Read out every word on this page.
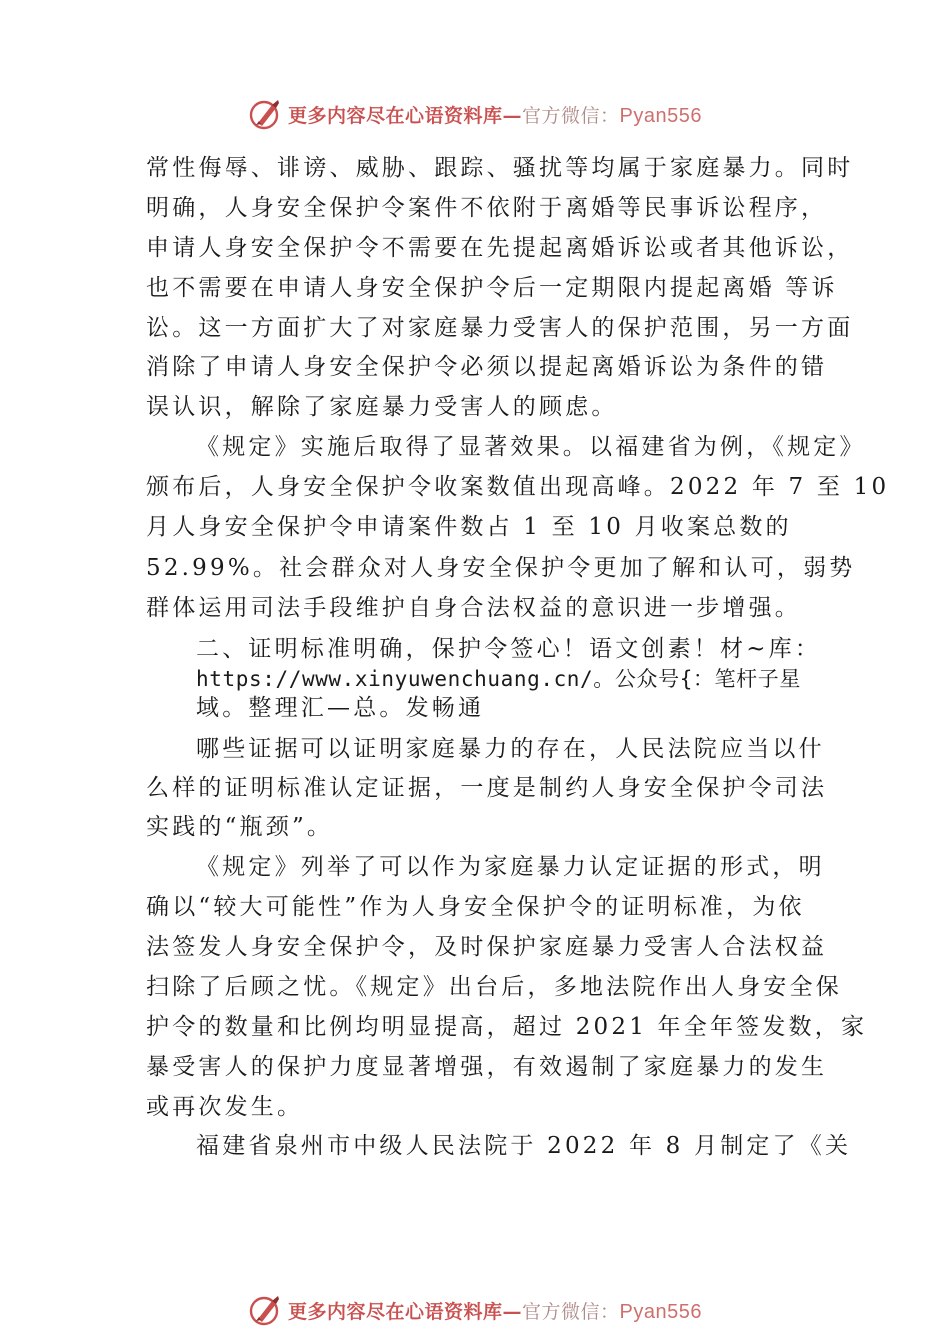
更多内容尽在心语资料库—官方微信：Pyan556
常性侮辱、诽谤、威胁、跟踪、骚扰等均属于家庭暴力。同时
明确，人身安全保护令案件不依附于离婚等民事诉讼程序，
申请人身安全保护令不需要在先提起离婚诉讼或者其他诉讼，
也不需要在申请人身安全保护令后一定期限内提起离婚 等诉
讼。这一方面扩大了对家庭暴力受害人的保护范围，另一方面
消除了申请人身安全保护令必须以提起离婚诉讼为条件的错
误认识，解除了家庭暴力受害人的顾虑。
《规定》实施后取得了显著效果。以福建省为例，《规定》
颁布后，人身安全保护令收案数值出现高峰。2022 年 7 至 10
月人身安全保护令申请案件数占 1 至 10 月收案总数的
52.99%。社会群众对人身安全保护令更加了解和认可，弱势
群体运用司法手段维护自身合法权益的意识进一步增强。
二、证明标准明确，保护令签心！语文创素！材~库：
https://www.xinyuwenchuang.cn/。公众号{：笔杆子星
域。整理汇—总。发畅通
哪些证据可以证明家庭暴力的存在，人民法院应当以什
么样的证明标准认定证据，一度是制约人身安全保护令司法
实践的“瓶颈”。
《规定》列举了可以作为家庭暴力认定证据的形式，明
确以“较大可能性”作为人身安全保护令的证明标准，为依
法签发人身安全保护令，及时保护家庭暴力受害人合法权益
扫除了后顾之忧。《规定》出台后，多地法院作出人身安全保
护令的数量和比例均明显提高，超过 2021 年全年签发数，家
暴受害人的保护力度显著增强，有效遏制了家庭暴力的发生
或再次发生。
福建省泉州市中级人民法院于 2022 年 8 月制定了《关
更多内容尽在心语资料库—官方微信：Pyan556
